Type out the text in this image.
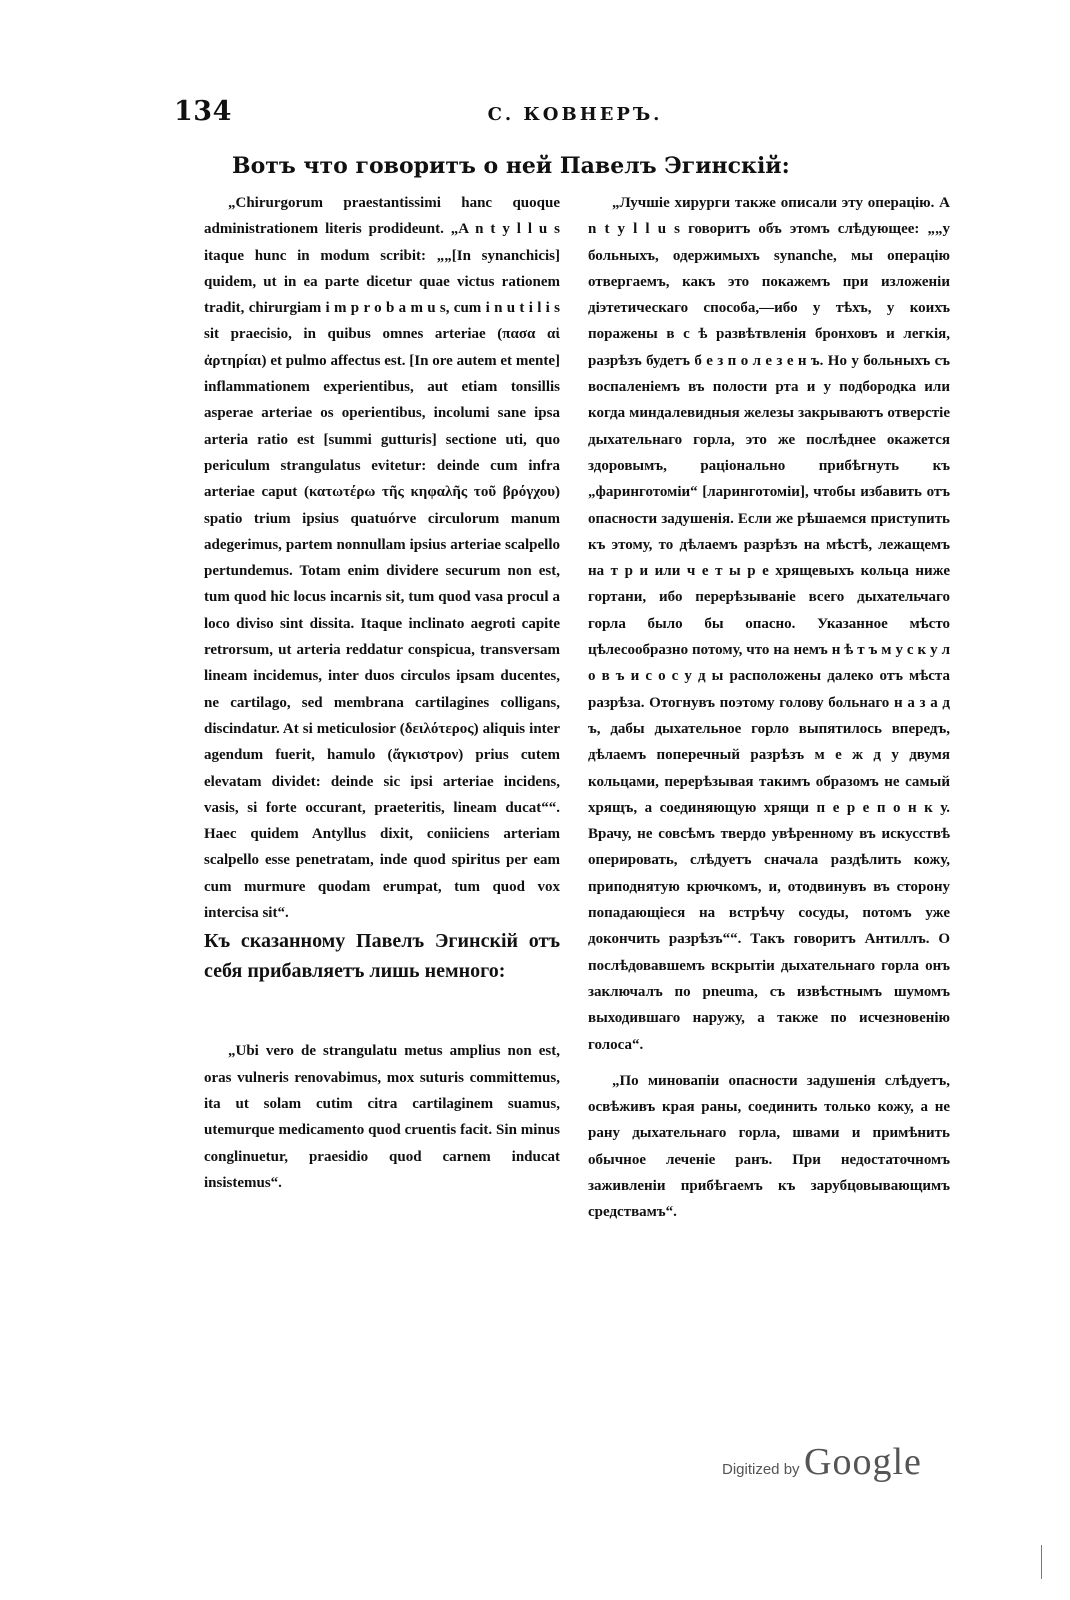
134	С. КОВНЕРЪ.
Вотъ что говоритъ о ней Павелъ Эгинскій:

„Chirurgorum praestantissimi hanc quoque administrationem literis prodideunt. „A n t y l l u s itaque hunc in modum scribit: „„[In synanchicis] quidem, ut in ea parte dicetur quae victus rationem tradit, chirurgiam i m p r o b a m u s, cum i n u t i l i s sit praecisio, in quibus omnes arteriae (πασα αἱ ἀρτηρίαι) et pulmo affectus est. [In ore autem et mente] inflammationem experientibus, aut etiam tonsillis asperae arteriae os operientibus, incolumi sane ipsa arteria ratio est [summi gutturis] sectione uti, quo periculum strangulatus evitetur: deinde cum infra arteriae caput (κατωτέρω τῆς κηφαλῆς τοῦ βρόγχου) spatio trium ipsius quatuórve circulorum manum adegerimus, partem nonnullam ipsius arteriae scalpello pertundemus. Totam enim dividere securum non est, tum quod hic locus incarnis sit, tum quod vasa procul a loco diviso sint dissita. Itaque inclinato aegroti capite retrorsum, ut arteria reddatur conspicua, transversam lineam incidemus, inter duos circulos ipsam ducentes, ne cartilago, sed membrana cartilagines colligans, discindatur. At si meticulosior (δειλότερος) aliquis inter agendum fuerit, hamulo (ἄγκιστρον) prius cutem elevatam dividet: deinde sic ipsi arteriae incidens, vasis, si forte occurant, praeteritis, lineam ducat““. Haec quidem Antyllus dixit, coniiciens arteriam scalpello esse penetratam, inde quod spiritus per eam cum murmure quodam erumpat, tum quod vox intercisa sit“.

Къ сказанному Павелъ Эгинскій отъ себя прибавляетъ лишь немного:

„Ubi vero de strangulatu metus amplius non est, oras vulneris renovabimus, mox suturis committemus, ita ut solam cutim citra cartilaginem suamus, utemurque medicamento quod cruentis facit. Sin minus conglinuetur, praesidio quod carnem inducat insistemus“.

„Лучшіе хирурги также описали эту операцію. A n t y l l u s говоритъ объ этомъ слѣдующее: „„у больныхъ, одержимыхъ synanche, мы операцію отвергаемъ, какъ это покажемъ при изложеніи діэтетическаго способа,—ибо у тѣхъ, у коихъ поражены в с ѣ развѣтвленія бронховъ и легкія, разрѣзъ будетъ б е з п о л е з е н ъ. Но у больныхъ съ воспаленіемъ въ полости рта и у подбородка или когда миндалевидныя железы закрываютъ отверстіе дыхательнаго горла, это же послѣднее окажется здоровымъ, раціонально прибѣгнуть къ „фаринготоміи“ [ларинготоміи], чтобы избавить отъ опасности задушенія. Если же рѣшаемся приступить къ этому, то дѣлаемъ разрѣзъ на мѣстѣ, лежащемъ на т р и или ч е т ы р е хрящевыхъ кольца ниже гортани, ибо перерѣзываніе всего дыхательчаго горла было бы опасно. Указанное мѣсто цѣлесообразно потому, что на немъ н ѣ т ъ м у с к у л о в ъ и с о с у д ы расположены далеко отъ мѣста разрѣза. Отогнувъ поэтому голову больнаго н а з а д ъ, дабы дыхательное горло выпятилось впередъ, дѣлаемъ поперечный разрѣзъ м е ж д у двумя кольцами, перерѣзывая такимъ образомъ не самый хрящъ, а соединяющую хрящи п е р е п о н к у. Врачу, не совсѣмъ твердо увѣренному въ искусствѣ оперировать, слѣдуетъ сначала раздѣлить кожу, приподнятую крючкомъ, и, отодвинувъ въ сторону попадающіеся на встрѣчу сосуды, потомъ уже докончить разрѣзъ““. Такъ говоритъ Антиллъ. О послѣдовавшемъ вскрытіи дыхательнаго горла онъ заключалъ по pneuma, съ извѣстнымъ шумомъ выходившаго наружу, а также по исчезновенію голоса“.

„По миновапіи опасности задушенія слѣдуетъ, освѣживъ края раны, соединить только кожу, а не рану дыхательнаго горла, швами и примѣнить обычное леченіе ранъ. При недостаточномъ заживленіи прибѣгаемъ къ зарубцовывающимъ средствамъ“.

Digitized by Google
